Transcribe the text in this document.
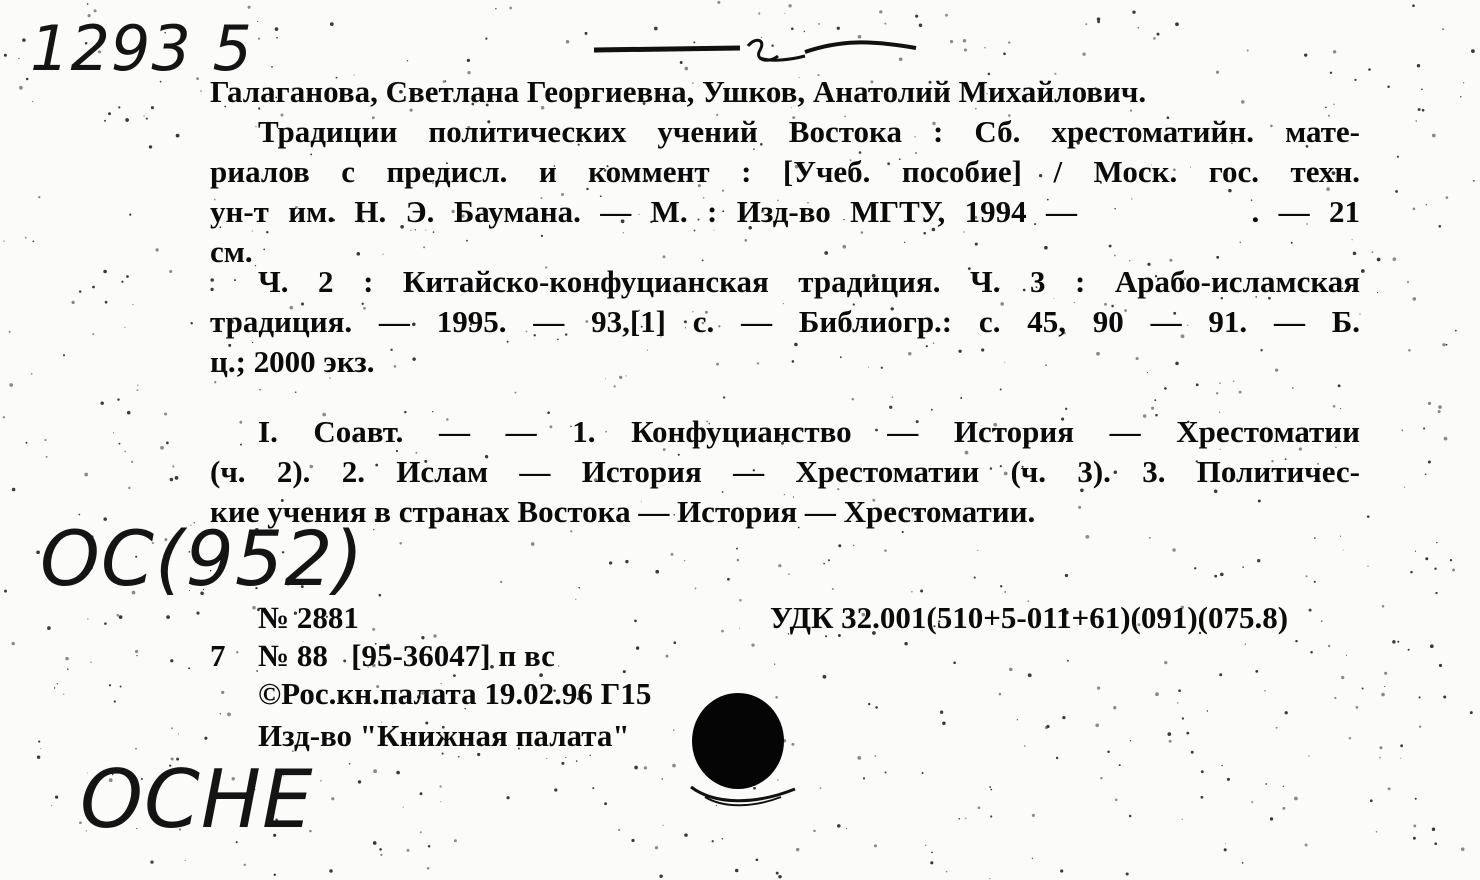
1293 5
ОС(952)
ОСНЕ
Галаганова, Светлана Георгиевна, Ушков, Анатолий Михайлович.

Традиции политических учений Востока : Сб. хрестоматийн. мате-

риалов с предисл. и коммент : [Учеб. пособие] / Моск. гос. техн.

ун-т им. Н. Э. Баумана. — М. : Изд-во МГТУ, 1994 —         . — 21

см.

Ч. 2 : Китайско-конфуцианская традиция. Ч. 3 : Арабо-исламская

традиция. — 1995. — 93,[1] с. — Библиогр.: с. 45, 90 — 91. — Б.

ц.; 2000 экз.

I. Соавт. — — 1. Конфуцианство — История — Хрестоматии

(ч. 2). 2. Ислам — История — Хрестоматии (ч. 3). 3. Политичес-

кие учения в странах Востока — История — Хрестоматии.

№ 2881	УДК 32.001(510+5-011+61)(091)(075.8)
7 № 88   [95-36047] п вс
©Рос.кн.палата 19.02.96 Г15
Изд-во "Книжная палата"
